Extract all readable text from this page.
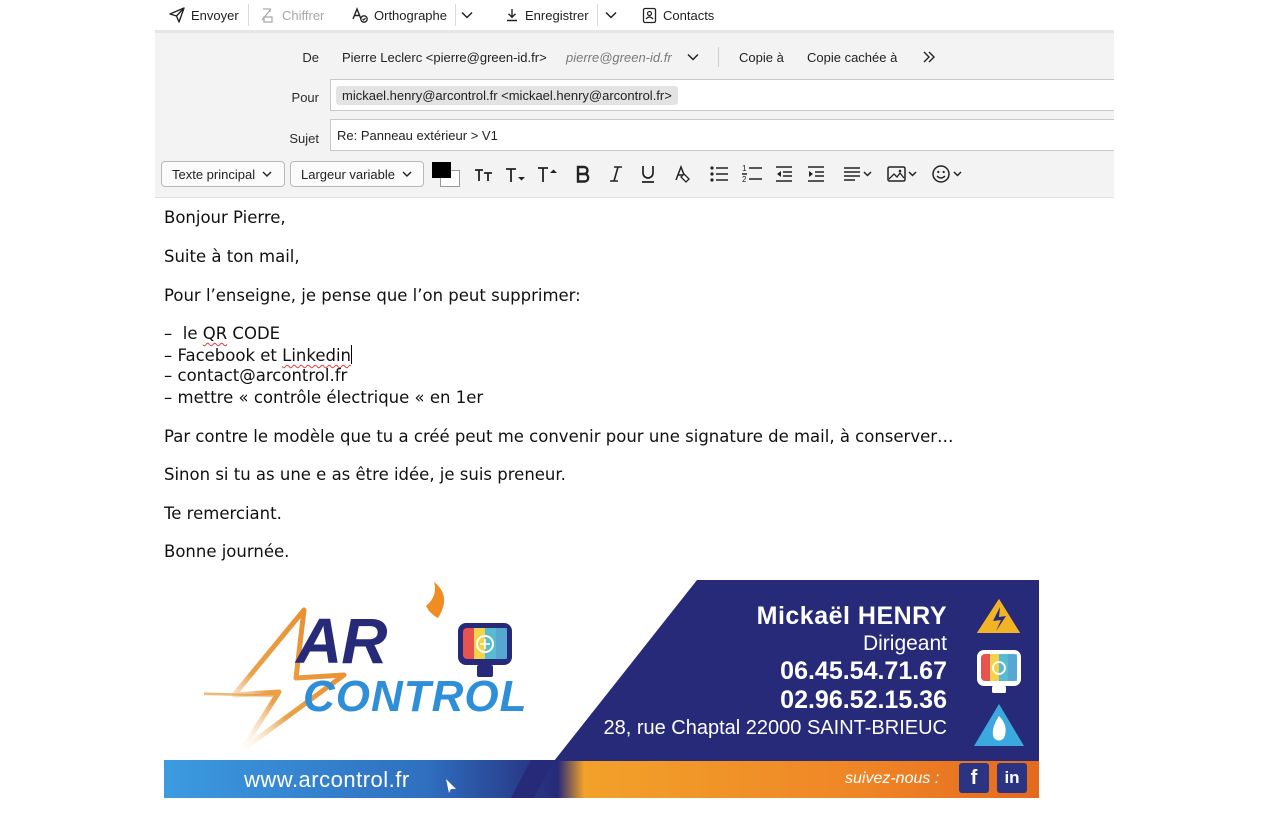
Envoyer	Chiffrer	Orthographe	Enregistrer	Contacts
De Pierre Leclerc <pierre@green-id.fr> pierre@green-id.fr	Copie à Copie cachée à
Pour	mickael.henry@arcontrol.fr <mickael.henry@arcontrol.fr>
Sujet Re: Panneau extérieur > V1
Texte principal	Largeur variable	1
2
Bonjour Pierre,
Suite à ton mail,
Pour l’enseigne, je pense que l’on peut supprimer:
–  le QR CODE
– Facebook et Linkedin
– contact@arcontrol.fr
– mettre « contrôle électrique « en 1er
Par contre le modèle que tu a créé peut me convenir pour une signature de mail, à conserver…
Sinon si tu as une e as être idée, je suis preneur.
Te remerciant.
Bonne journée.
AR
CONTROL
Mickaël HENRY
Dirigeant
06.45.54.71.67
02.96.52.15.36
28, rue Chaptal 22000 SAINT-BRIEUC
www.arcontrol.fr	suivez-nous :	f	in
